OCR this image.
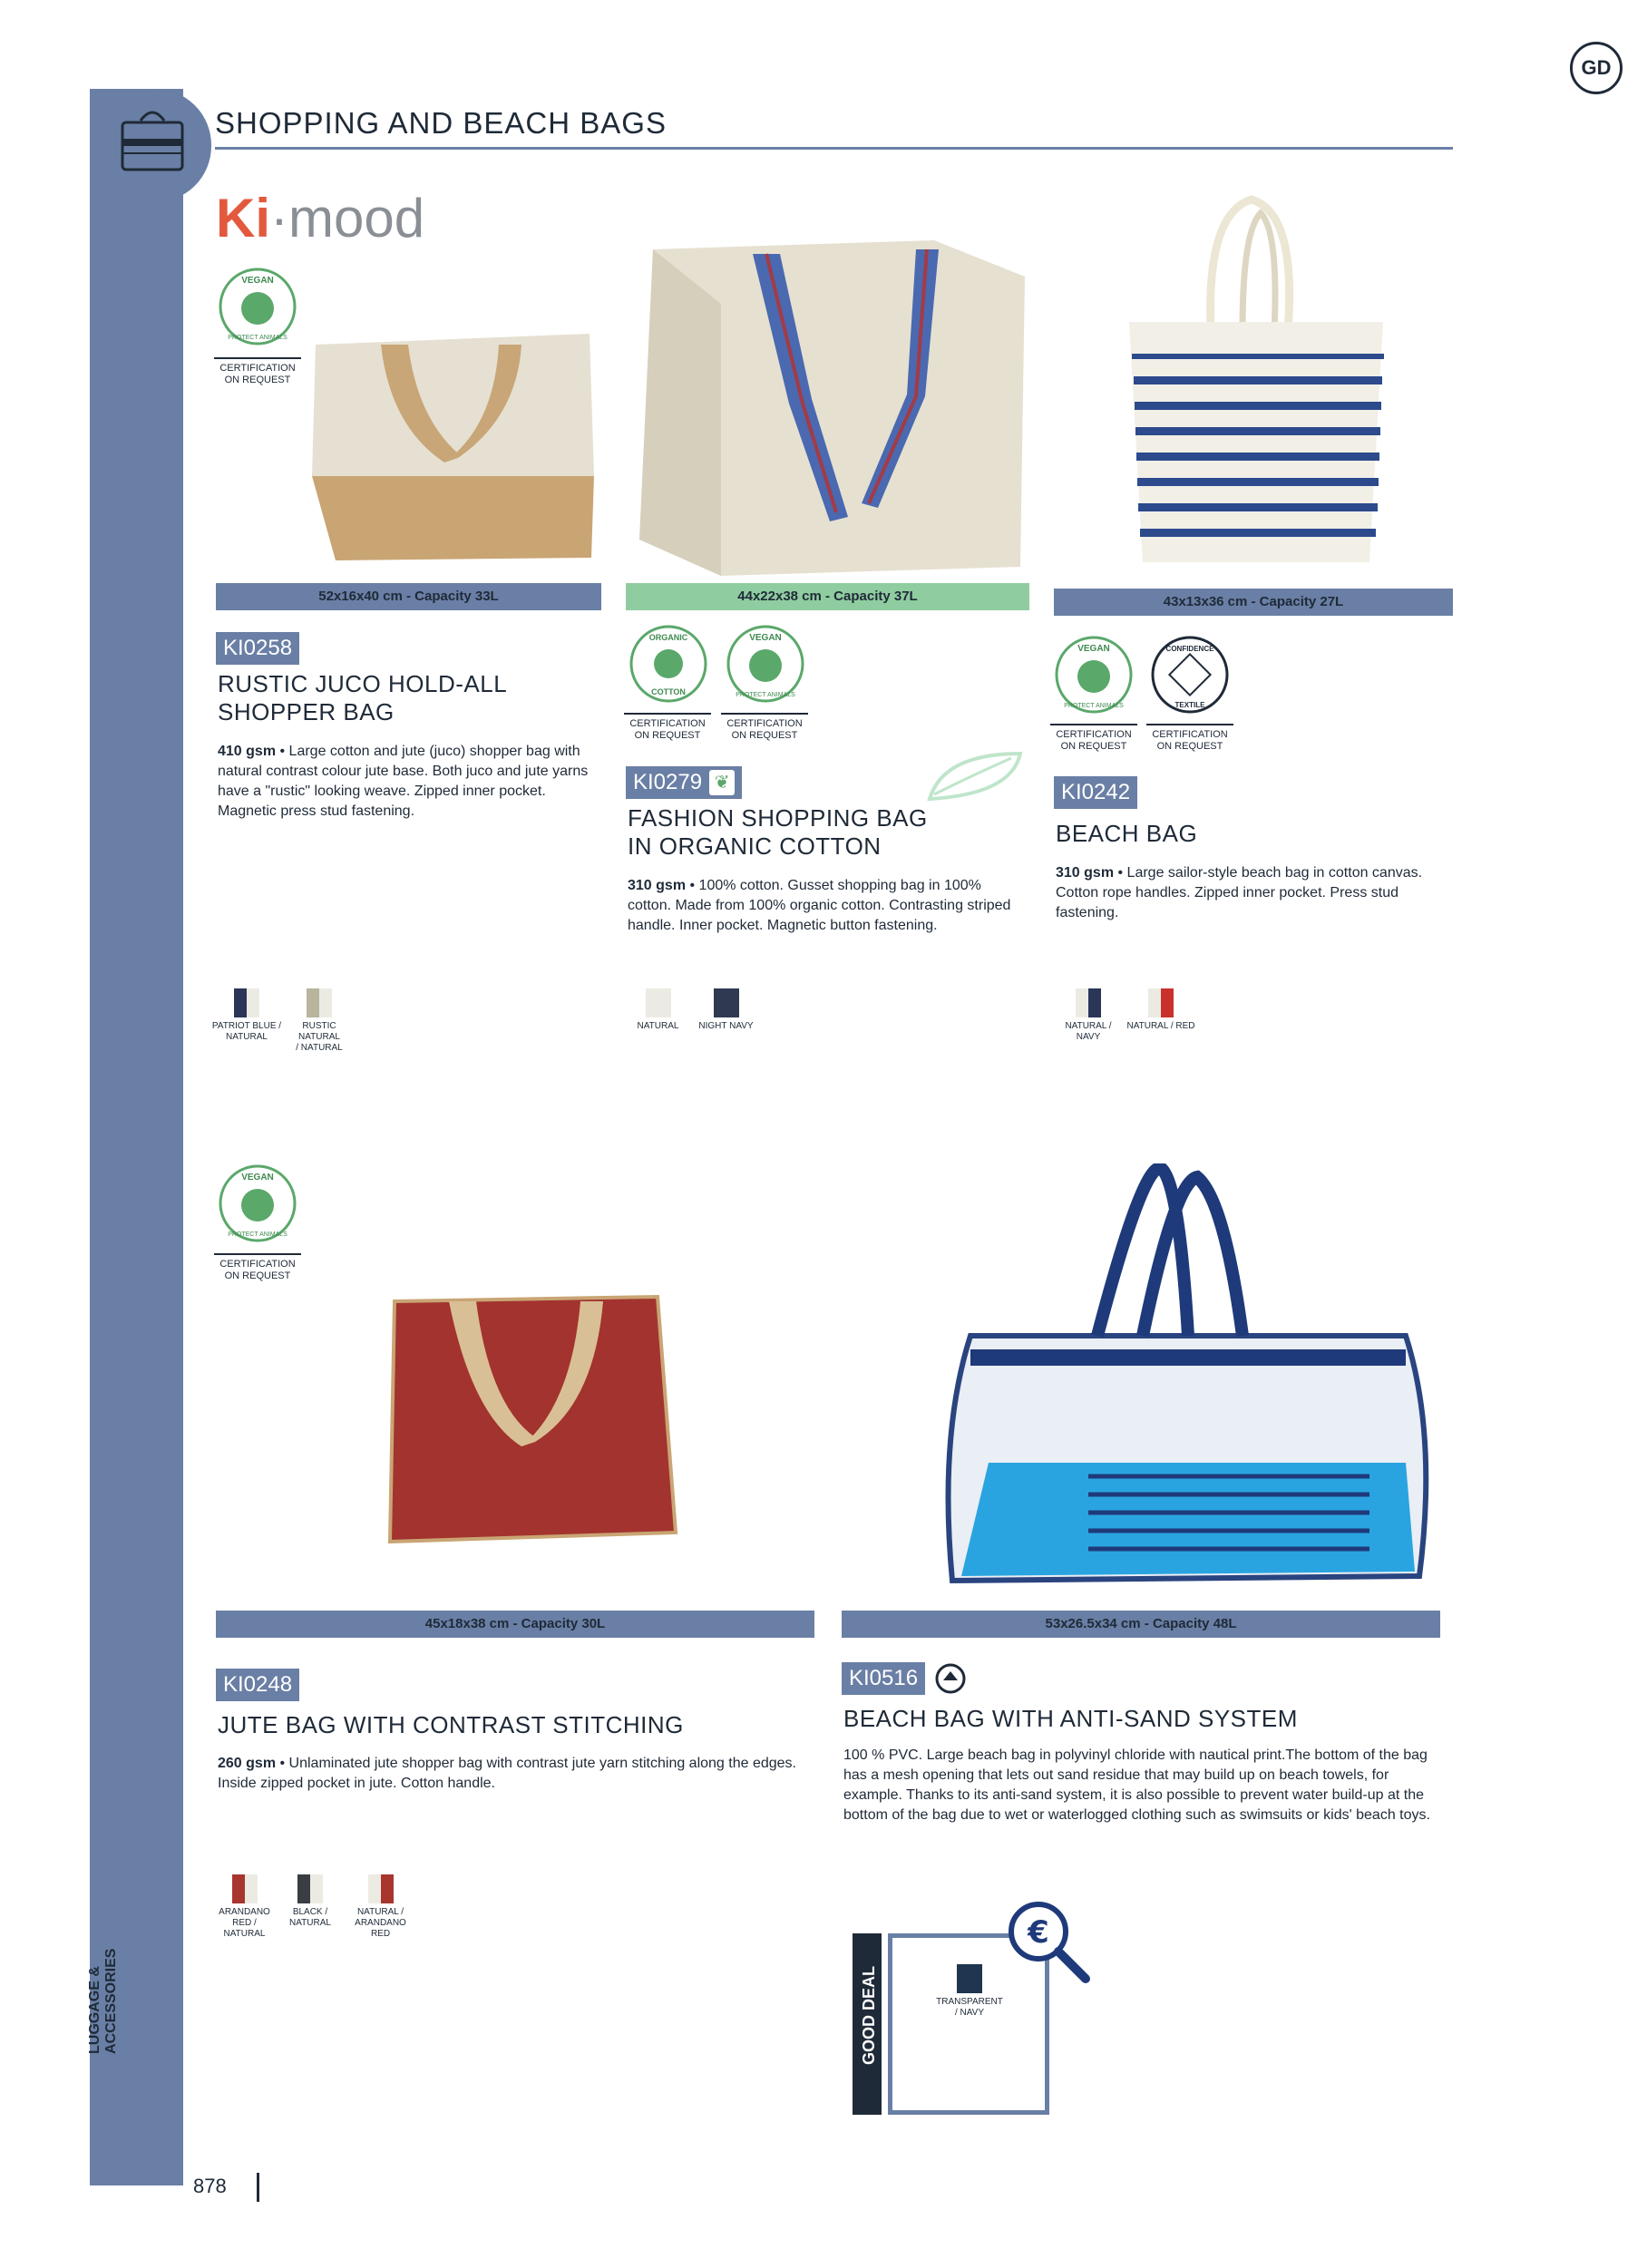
LUGGAGE & ACCESSORIES
SHOPPING AND BEACH BAGS
GD
Ki·mood
VEGAN
PROTECT ANIMALS
CERTIFICATION ON REQUEST
52x16x40 cm - Capacity 33L
KI0258
RUSTIC JUCO HOLD-ALL
SHOPPER BAG
410 gsm • Large cotton and jute (juco) shopper bag with natural contrast colour jute base. Both juco and jute yarns have a "rustic" looking weave. Zipped inner pocket. Magnetic press stud fastening.
PATRIOT BLUE /
NATURAL
RUSTIC NATURAL
/ NATURAL
44x22x38 cm - Capacity 37L
ORGANIC
COTTON
VEGAN
PROTECT ANIMALS
CERTIFICATION ON REQUEST
CERTIFICATION ON REQUEST
KI0279 ❦
FASHION SHOPPING BAG
IN ORGANIC COTTON
310 gsm • 100% cotton. Gusset shopping bag in 100% cotton. Made from 100% organic cotton. Contrasting striped handle. Inner pocket. Magnetic button fastening.
NATURAL	NIGHT NAVY
43x13x36 cm - Capacity 27L
VEGAN
PROTECT ANIMALS
CONFIDENCE
TEXTILE
CERTIFICATION ON REQUEST
CERTIFICATION ON REQUEST
KI0242
BEACH BAG
310 gsm • Large sailor-style beach bag in cotton canvas. Cotton rope handles. Zipped inner pocket. Press stud fastening.
NATURAL / NAVY
NATURAL / RED
VEGAN
PROTECT ANIMALS
CERTIFICATION ON REQUEST
45x18x38 cm - Capacity 30L
KI0248
JUTE BAG WITH CONTRAST STITCHING
260 gsm • Unlaminated jute shopper bag with contrast jute yarn stitching along the edges. Inside zipped pocket in jute. Cotton handle.
ARANDANO RED /
NATURAL
BLACK /
NATURAL
NATURAL /
ARANDANO RED
53x26.5x34 cm - Capacity 48L
KI0516
BEACH BAG WITH ANTI-SAND SYSTEM
100 % PVC. Large beach bag in polyvinyl chloride with nautical print.The bottom of the bag has a mesh opening that lets out sand residue that may build up on beach towels, for example. Thanks to its anti-sand system, it is also possible to prevent water build-up at the bottom of the bag due to wet or waterlogged clothing such as swimsuits or kids' beach toys.
GOOD DEAL
€
TRANSPARENT
/ NAVY
878
